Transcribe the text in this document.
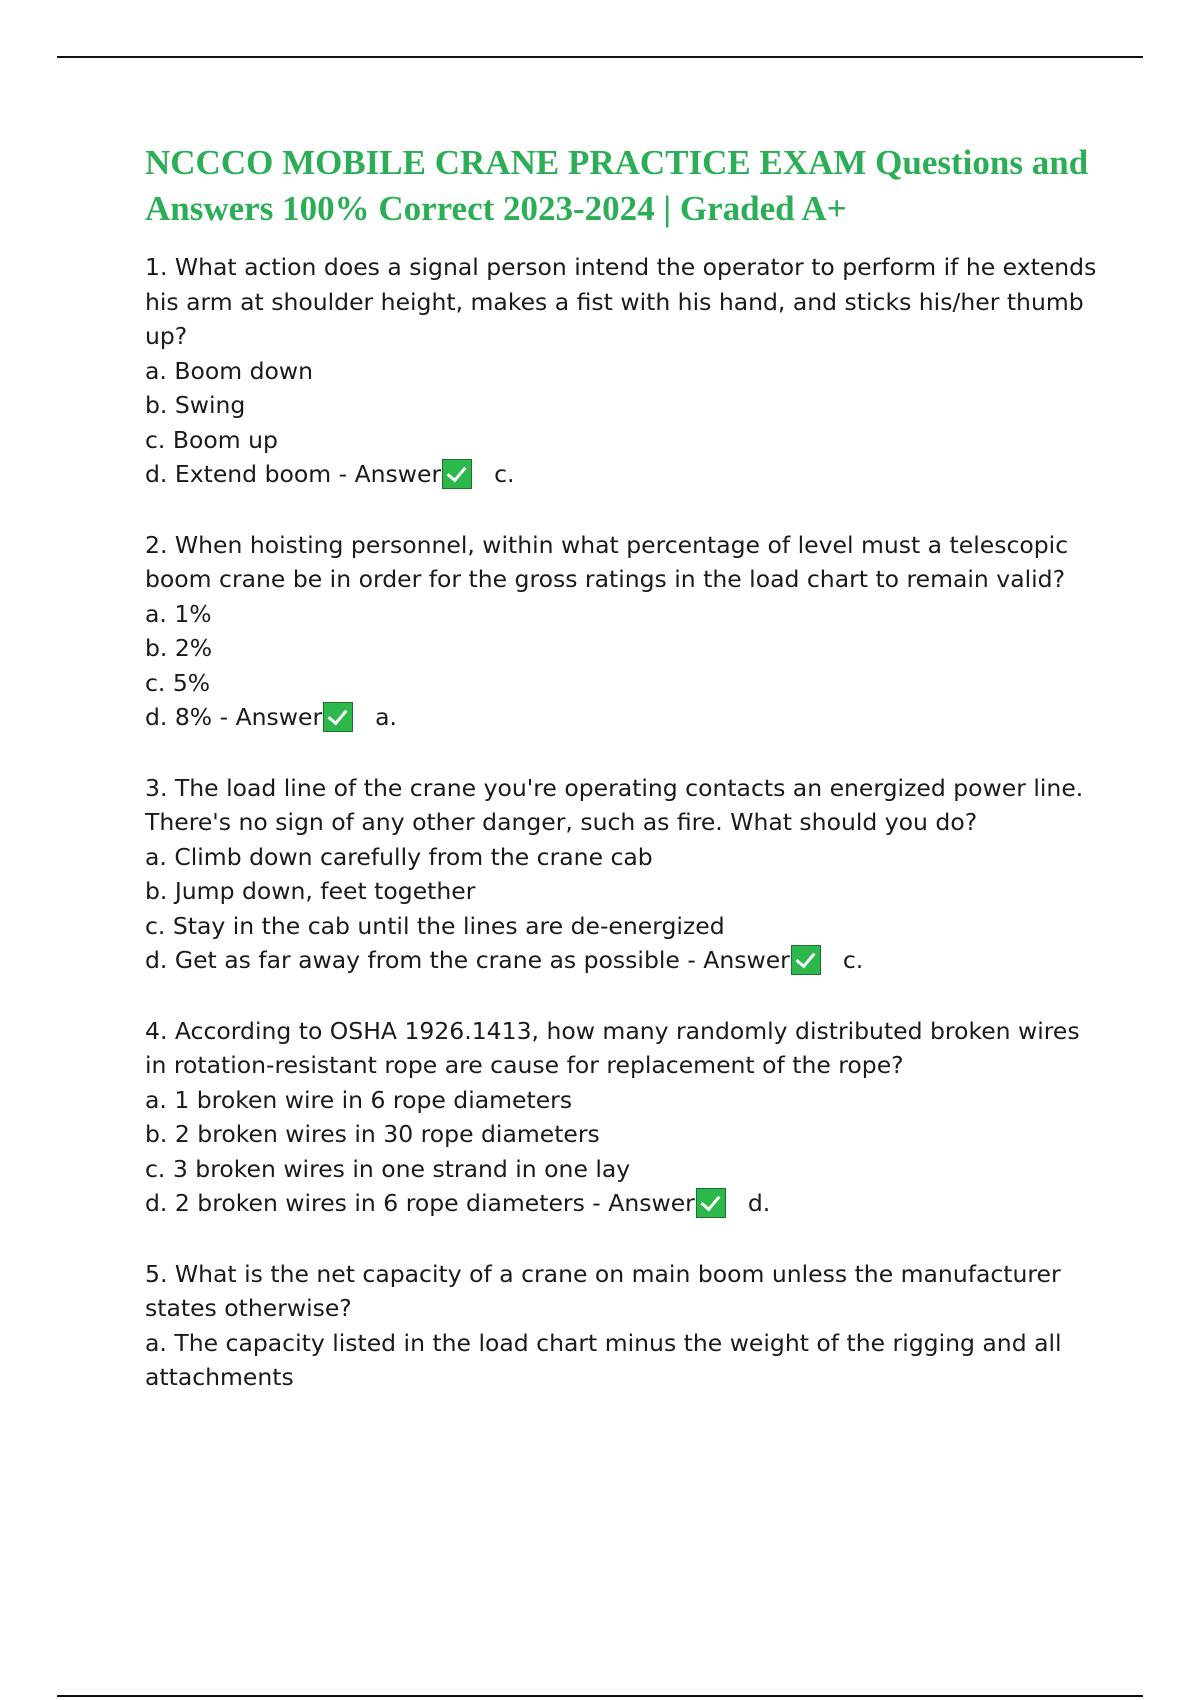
NCCCO MOBILE CRANE PRACTICE EXAM Questions and Answers 100% Correct 2023-2024 | Graded A+

1. What action does a signal person intend the operator to perform if he extends his arm at shoulder height, makes a fist with his hand, and sticks his/her thumb up?

a. Boom down

b. Swing

c. Boom up

d. Extend boom - Answer c.

2. When hoisting personnel, within what percentage of level must a telescopic boom crane be in order for the gross ratings in the load chart to remain valid?

a. 1%

b. 2%

c. 5%

d. 8% - Answer a.

3. The load line of the crane you're operating contacts an energized power line. There's no sign of any other danger, such as fire. What should you do?

a. Climb down carefully from the crane cab

b. Jump down, feet together

c. Stay in the cab until the lines are de-energized

d. Get as far away from the crane as possible - Answer c.

4. According to OSHA 1926.1413, how many randomly distributed broken wires in rotation-resistant rope are cause for replacement of the rope?

a. 1 broken wire in 6 rope diameters

b. 2 broken wires in 30 rope diameters

c. 3 broken wires in one strand in one lay

d. 2 broken wires in 6 rope diameters - Answer d.

5. What is the net capacity of a crane on main boom unless the manufacturer states otherwise?

a. The capacity listed in the load chart minus the weight of the rigging and all attachments
